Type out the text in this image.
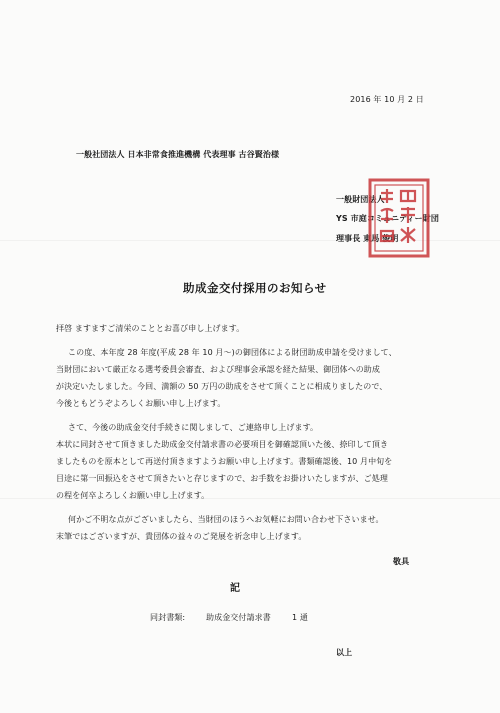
2016 年 10 月 2 日
一般社団法人 日本非常食推進機構 代表理事 古谷賢治様
一般財団法人
YS 市庭コミュニティー財団
理事長 東馬 俊明
助成金交付採用のお知らせ
拝啓 ますますご清栄のこととお喜び申し上げます。
この度、本年度 28 年度(平成 28 年 10 月〜)の御団体による財団助成申請を受けまして、
当財団において厳正なる選考委員会審査、および理事会承認を経た結果、御団体への助成
が決定いたしました。今回、満額の 50 万円の助成をさせて頂くことに相成りましたので、
今後ともどうぞよろしくお願い申し上げます。
さて、今後の助成金交付手続きに関しまして、ご連絡申し上げます。
本状に同封させて頂きました助成金交付請求書の必要項目を御確認頂いた後、捺印して頂き
ましたものを原本として再送付頂きますようお願い申し上げます。書類確認後、10 月中旬を
目途に第一回振込をさせて頂きたいと存じますので、お手数をお掛けいたしますが、ご処理
の程を何卒よろしくお願い申し上げます。
何かご不明な点がございましたら、当財団のほうへお気軽にお問い合わせ下さいませ。
末筆ではございますが、貴団体の益々のご発展を祈念申し上げます。
敬具
記
同封書類:	助成金交付請求書	1 通
以上
